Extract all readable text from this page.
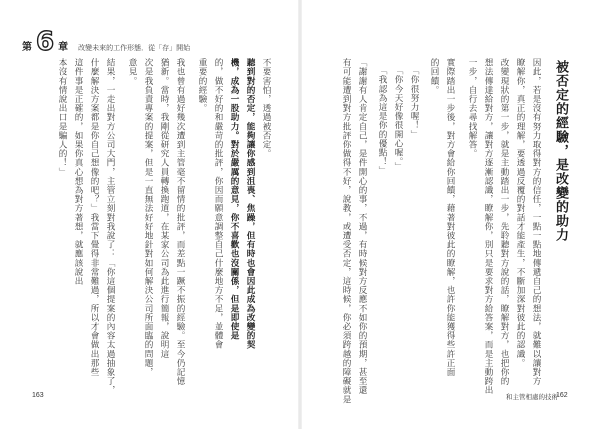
第 6 章 改變未來的工作形態．從「存」開始
不要害怕，透過被否定。
聽到對的否定，能夠讓你感到沮喪、焦躁，但有時也會因此成為改變的契
機，成為一股助力。對於嚴厲的意見，你不喜歡也沒關係，但是即使是
的，做不好的和嚴苛的批評，你因而願意調整自己什麼地方不足，並體會
重要的經驗。
我也曾有過好幾次遭到主管毫不留情的批評，而差點一蹶不振的經驗。至今仍記憶
猶新。當時，我剛從研究人員轉換跑道，在某家公司為此進行簡報，說明這
次是我負責專案的提案，但是一直無法好好地針對如何解決公司所面臨的問題，
意見。
結果，一走出對方公司大門，主管立刻對我說了：「你這個提案的內容太過抽象了，
什麼解決方案都是你自己想像的吧？」我當下覺得非常難過，所以才會做出那些
這件事是正確的，如果你真心想為對方著想，就應該說出
本沒有情說出口是騙人的！」
163
被否定的經驗，是改變的助力
因此，若是沒有努力取得對方的信任，一點一點地傳遞自己的想法，就難以讓對方
瞭解你，真正的理解，要透過反覆的對話才能產生，不斷加深對彼此的認識。
改變現狀的第一步，就是主動踏出一步，先聆聽對方說的話，瞭解對方，也把你的
想法傳達給對方，讓對方逐漸認識，瞭解你，別只是要求對方給答案，而是主動跨出
一步，自行去尋找解答。
實際踏出一步後，對方會給你回饋，藉著對彼此的瞭解，也許你能獲得些許正面
的回饋。
「你很努力喔！」
「你今天好像很開心喔。」
「我認為這是你的優點！」
「謝謝有人肯定自己，是件開心的事，不過，有時候對方反應不如你的預期，甚至還
有可能遭到對方批評你做得不好，說教，或遭受否定，這時候，你必須跨越的障礙就是	和主管相處的技術
162
